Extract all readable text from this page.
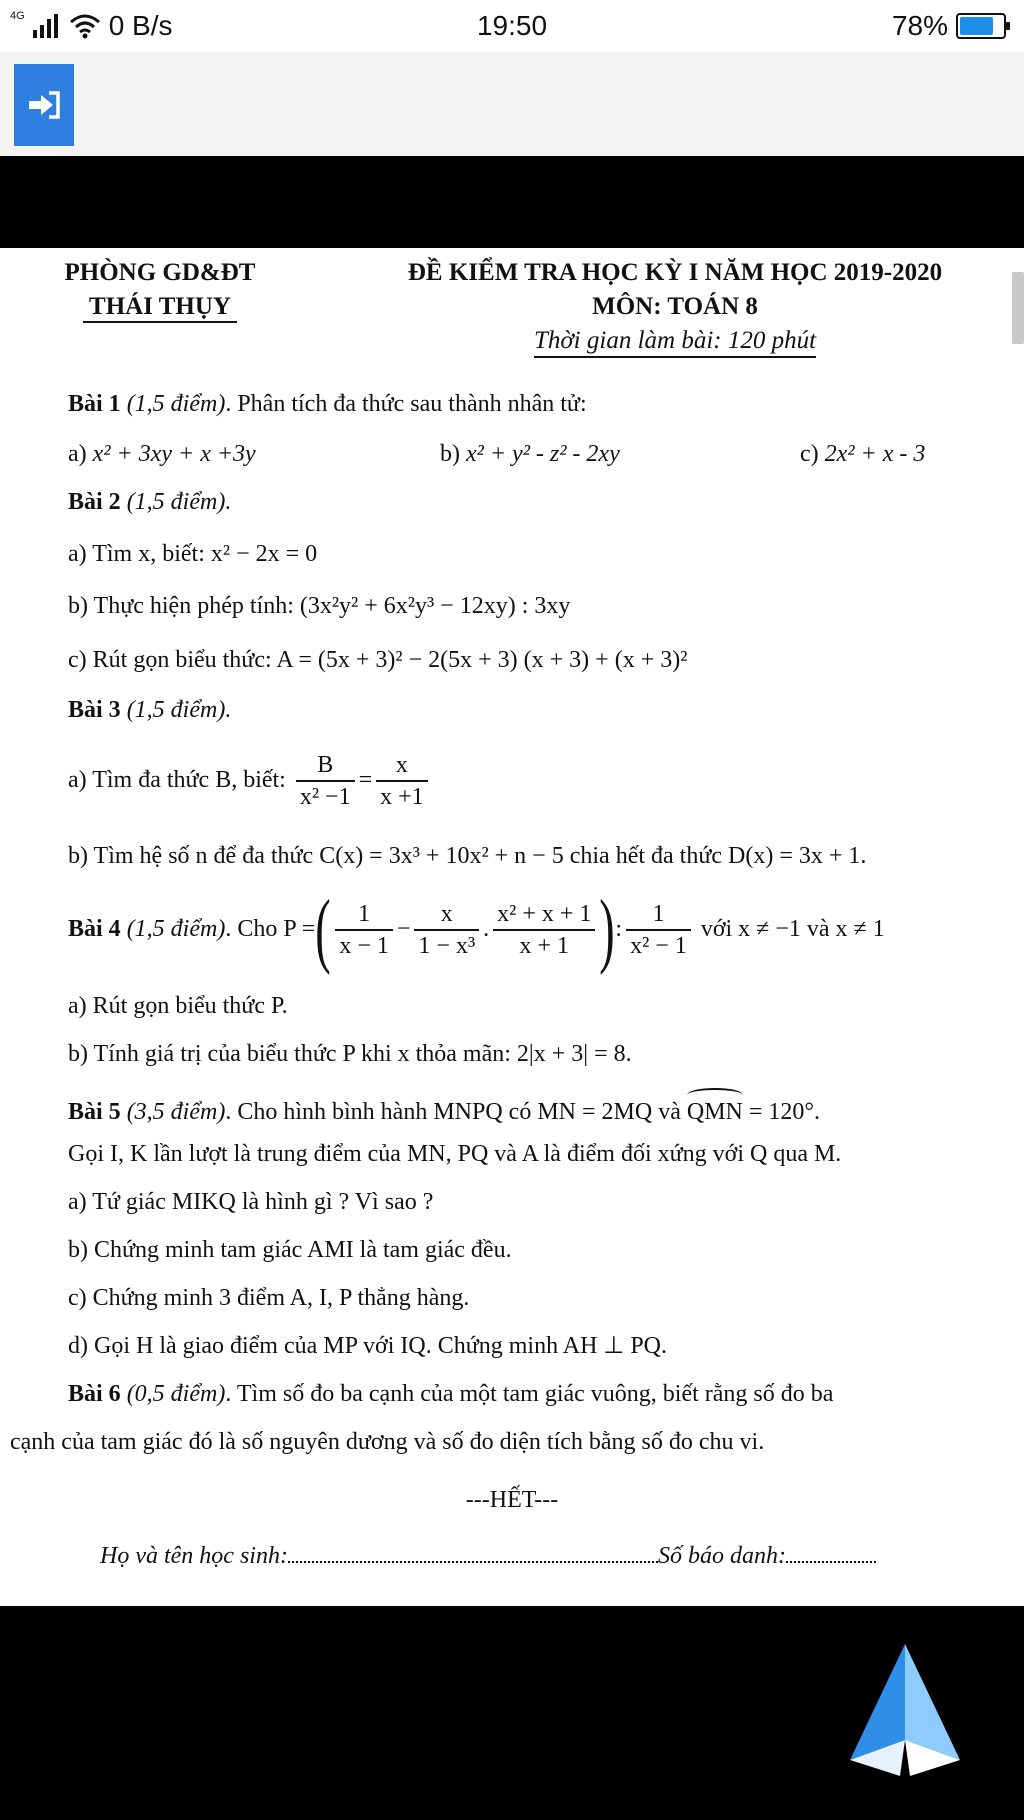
4G	0 B/s	19:50	78%
PHÒNG GD&ĐT
THÁI THỤY
ĐỀ KIỂM TRA HỌC KỲ I NĂM HỌC 2019-2020
MÔN: TOÁN 8
Thời gian làm bài: 120 phút
Bài 1 (1,5 điểm). Phân tích đa thức sau thành nhân tử:
a) x² + 3xy + x +3y	b) x² + y² - z² - 2xy	c) 2x² + x - 3
Bài 2 (1,5 điểm).
a) Tìm x, biết: x² − 2x = 0
b) Thực hiện phép tính: (3x²y² + 6x²y³ − 12xy) : 3xy
c) Rút gọn biểu thức: A = (5x + 3)² − 2(5x + 3) (x + 3) + (x + 3)²
Bài 3 (1,5 điểm).
a) Tìm đa thức B, biết: $\frac{B}{\text{x² −1}} = \frac{x}{x +1}$
b) Tìm hệ số n để đa thức C(x) = 3x³ + 10x² + n − 5 chia hết đa thức D(x) = 3x + 1.
Bài 4 (1,5 điểm). Cho P =( $\frac{1}{x - 1} - \frac{x}{\text{1 − x³}}$ . $\frac{\text{x² + x + 1}}{x + 1}$ ): $\frac{1}{\text{x² − 1}}$ với x ≠ −1 và x ≠ 1
a) Rút gọn biểu thức P.
b) Tính giá trị của biểu thức P khi x thỏa mãn: 2|x + 3| = 8.
Bài 5 (3,5 điểm). Cho hình bình hành MNPQ có MN = 2MQ và QMN = 120°.
Gọi I, K lần lượt là trung điểm của MN, PQ và A là điểm đối xứng với Q qua M.
a) Tứ giác MIKQ là hình gì ? Vì sao ?
b) Chứng minh tam giác AMI là tam giác đều.
c) Chứng minh 3 điểm A, I, P thẳng hàng.
d) Gọi H là giao điểm của MP với IQ. Chứng minh AH ⊥ PQ.
Bài 6 (0,5 điểm). Tìm số đo ba cạnh của một tam giác vuông, biết rằng số đo ba
cạnh của tam giác đó là số nguyên dương và số đo diện tích bằng số đo chu vi.
---HẾT---
Họ và tên học sinh:	Số báo danh:
